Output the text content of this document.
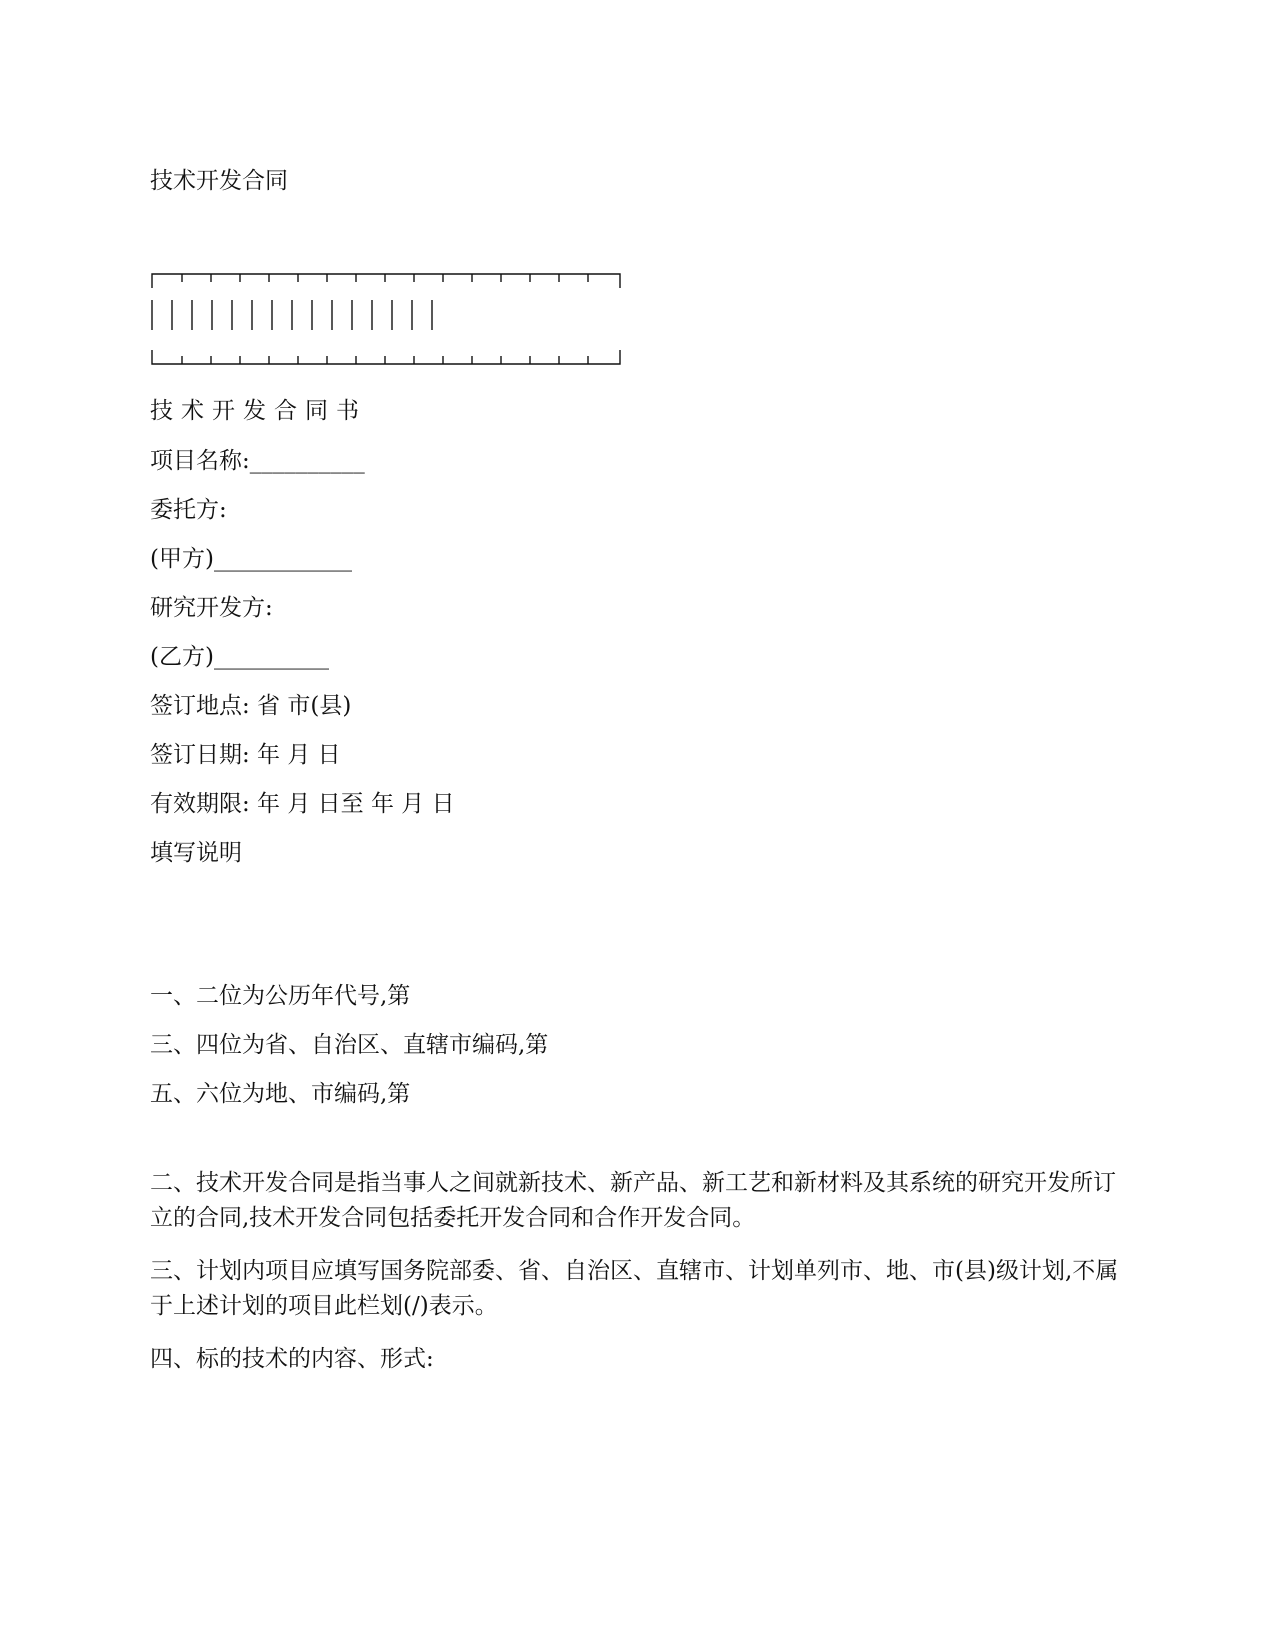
技术开发合同
技术开发合同书
项目名称:__________
委托方:
(甲方)____________
研究开发方:
(乙方)__________
签订地点: 省 市(县)
签订日期: 年 月 日
有效期限: 年 月 日至 年 月 日
填写说明
一、二位为公历年代号,第
三、四位为省、自治区、直辖市编码,第
五、六位为地、市编码,第
二、技术开发合同是指当事人之间就新技术、新产品、新工艺和新材料及其系统的研究开发所订立的合同,技术开发合同包括委托开发合同和合作开发合同。
三、计划内项目应填写国务院部委、省、自治区、直辖市、计划单列市、地、市(县)级计划,不属于上述计划的项目此栏划(/)表示。
四、标的技术的内容、形式:
